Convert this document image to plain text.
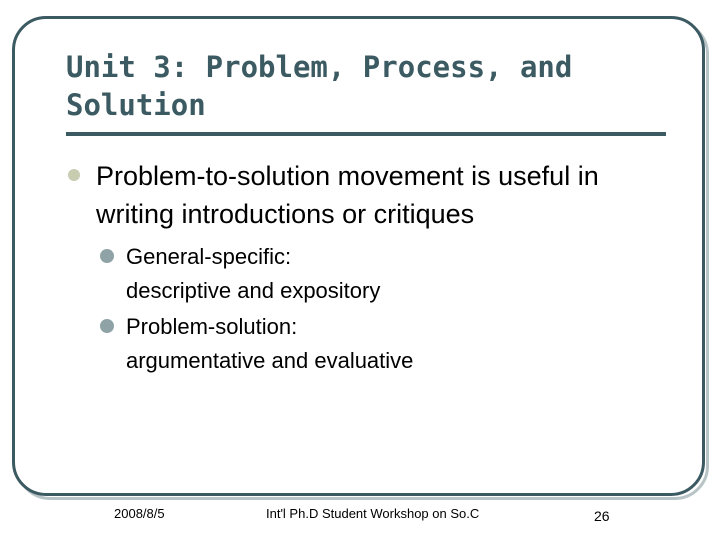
Unit 3: Problem, Process, and Solution
Problem-to-solution movement is useful in writing introductions or critiques
General-specific:
descriptive and expository
Problem-solution:
argumentative and evaluative
2008/8/5	Int'l Ph.D Student Workshop on So.C	26
